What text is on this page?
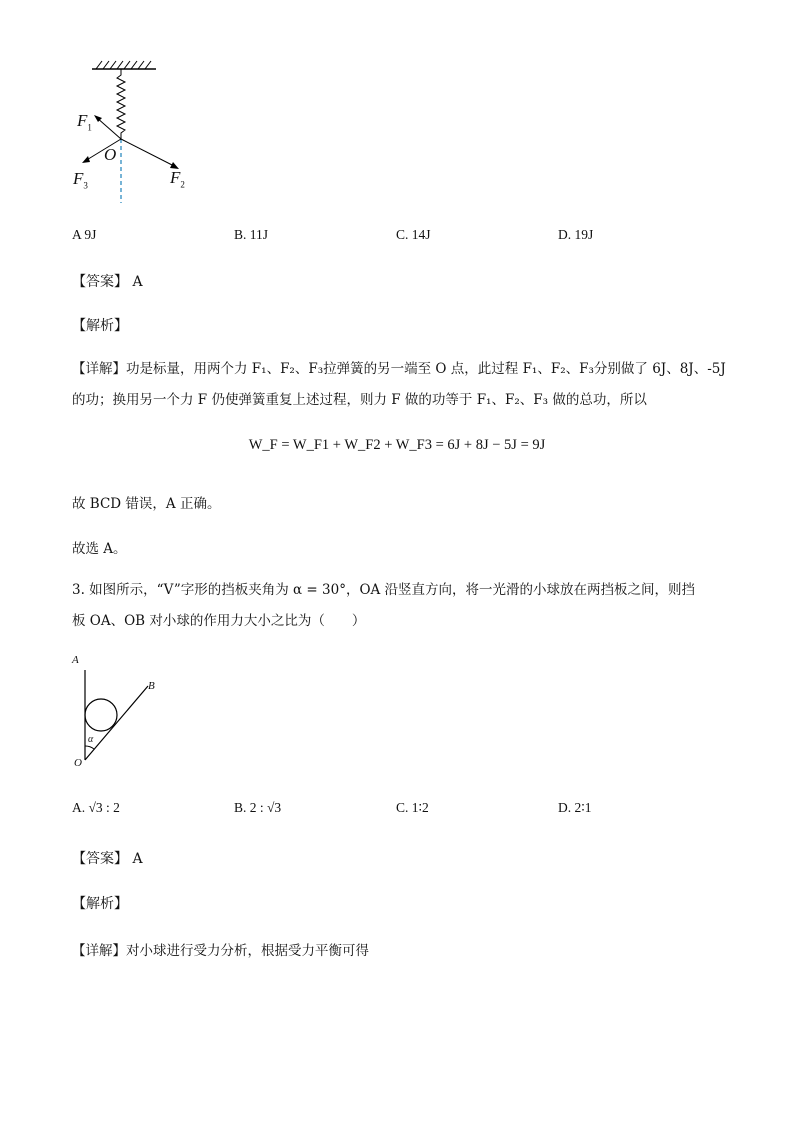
$F_1$
O
$F_3$	$F_2$
A 9J	B. 11J	C. 14J	D. 19J
【答案】 A
【解析】
【详解】功是标量，用两个力 F₁、F₂、F₃拉弹簧的另一端至 O 点，此过程 F₁、F₂、F₃分别做了 6J、8J、-5J
的功；换用另一个力 F 仍使弹簧重复上述过程，则力 F 做的功等于 F₁、F₂、F₃ 做的总功，所以
W_F = W_F1 + W_F2 + W_F3 = 6J + 8J − 5J = 9J
故 BCD 错误，A 正确。
故选 A。
3. 如图所示，“V”字形的挡板夹角为 α = 30°，OA 沿竖直方向，将一光滑的小球放在两挡板之间，则挡
板 OA、OB 对小球的作用力大小之比为（　　）
A
B
O
α
A. √3 : 2	B. 2 : √3	C. 1∶2	D. 2∶1
【答案】 A
【解析】
【详解】对小球进行受力分析，根据受力平衡可得
